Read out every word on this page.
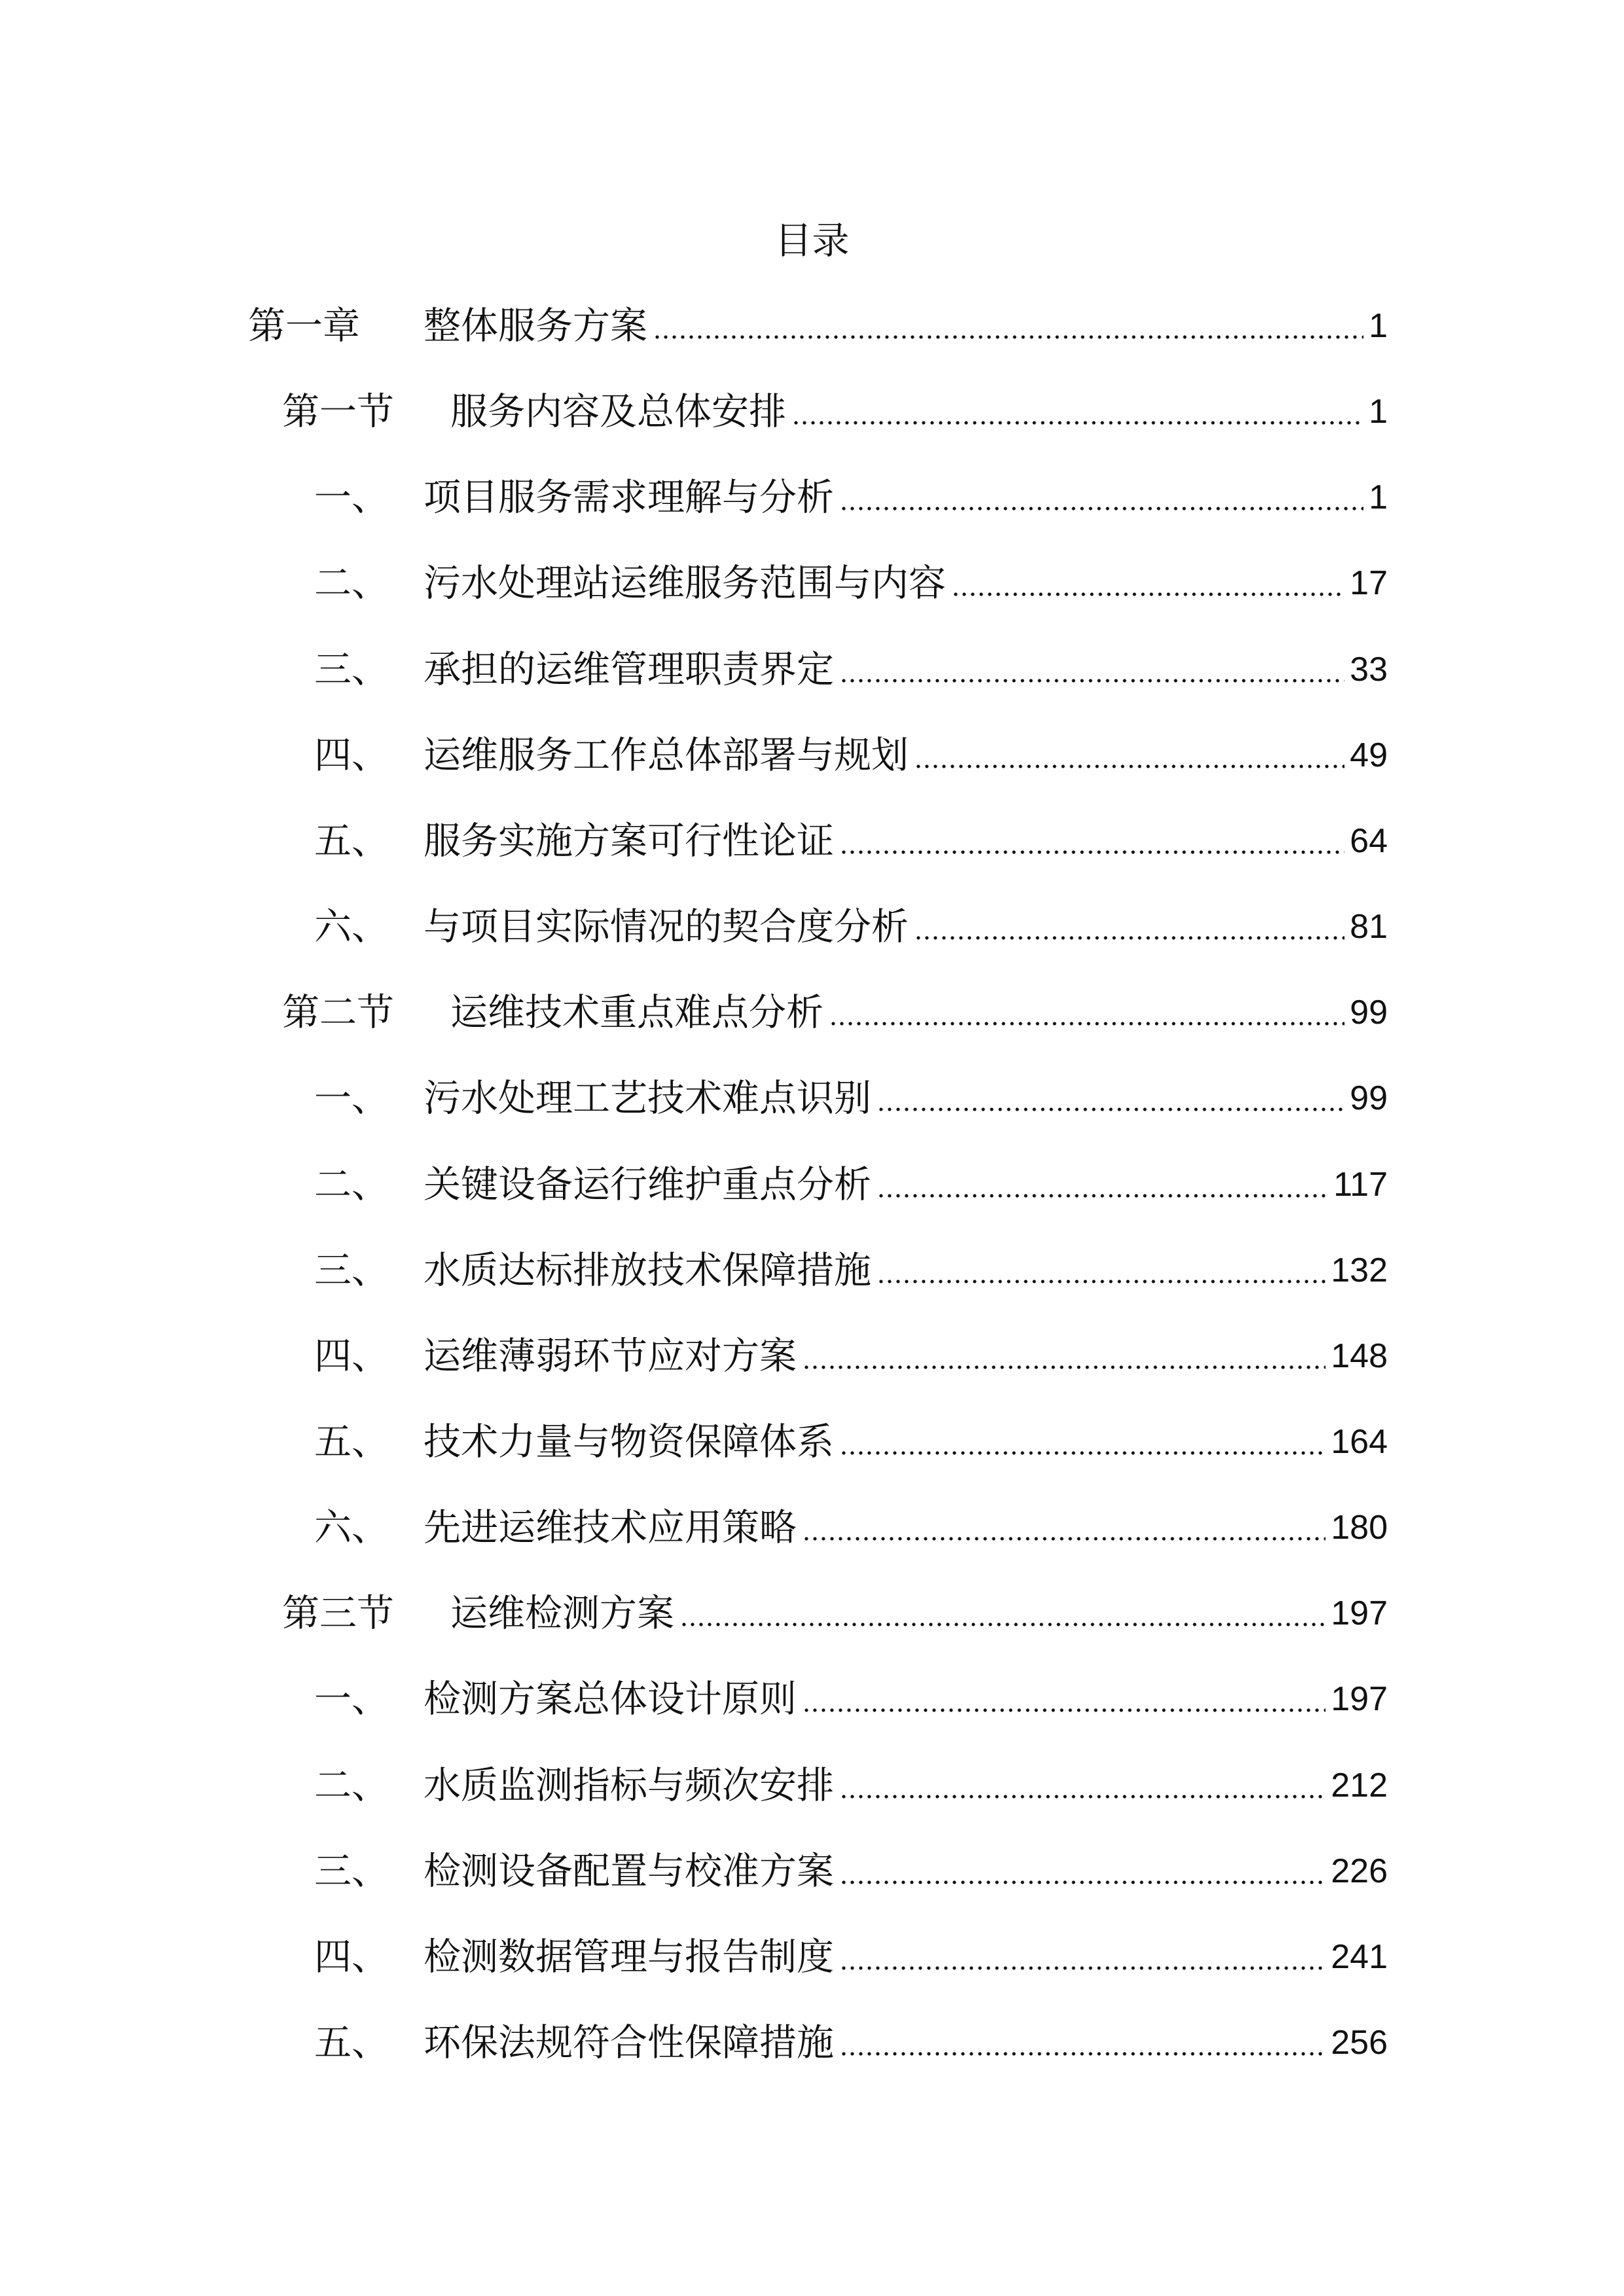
目录
第一章 整体服务方案	1
第一节 服务内容及总体安排	1
一、 项目服务需求理解与分析	1
二、 污水处理站运维服务范围与内容	17
三、 承担的运维管理职责界定	33
四、 运维服务工作总体部署与规划	49
五、 服务实施方案可行性论证	64
六、 与项目实际情况的契合度分析	81
第二节 运维技术重点难点分析	99
一、 污水处理工艺技术难点识别	99
二、 关键设备运行维护重点分析	117
三、 水质达标排放技术保障措施	132
四、 运维薄弱环节应对方案	148
五、 技术力量与物资保障体系	164
六、 先进运维技术应用策略	180
第三节 运维检测方案	197
一、 检测方案总体设计原则	197
二、 水质监测指标与频次安排	212
三、 检测设备配置与校准方案	226
四、 检测数据管理与报告制度	241
五、 环保法规符合性保障措施	256
